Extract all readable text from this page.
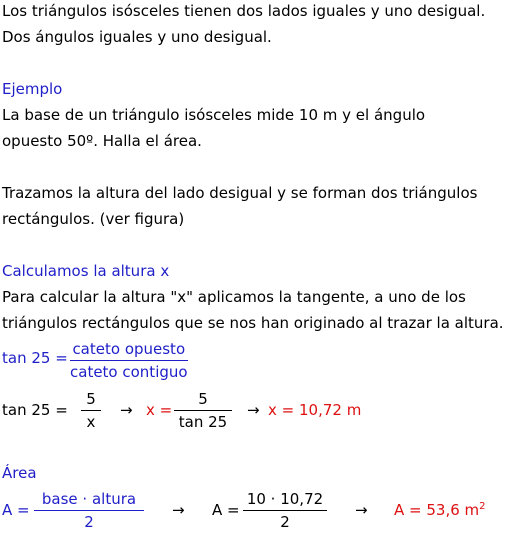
Los triángulos isósceles tienen dos lados iguales y uno desigual.
Dos ángulos iguales y uno desigual.
Ejemplo
La base de un triángulo isósceles mide 10 m y el ángulo
opuesto 50º. Halla el área.
Trazamos la altura del lado desigual y se forman dos triángulos
rectángulos. (ver figura)
Calculamos la altura x
Para calcular la altura "x" aplicamos la tangente, a uno de los
triángulos rectángulos que se nos han originado al trazar la altura.
tan 25 = cateto opuesto
cateto contiguo
tan 25 =
5
x
→ x =
5
tan 25
→ x = 10,72 m
Área
A =
base · altura
2
→ A =
10 · 10,72
2
→ A = 53,6 $m^2$
